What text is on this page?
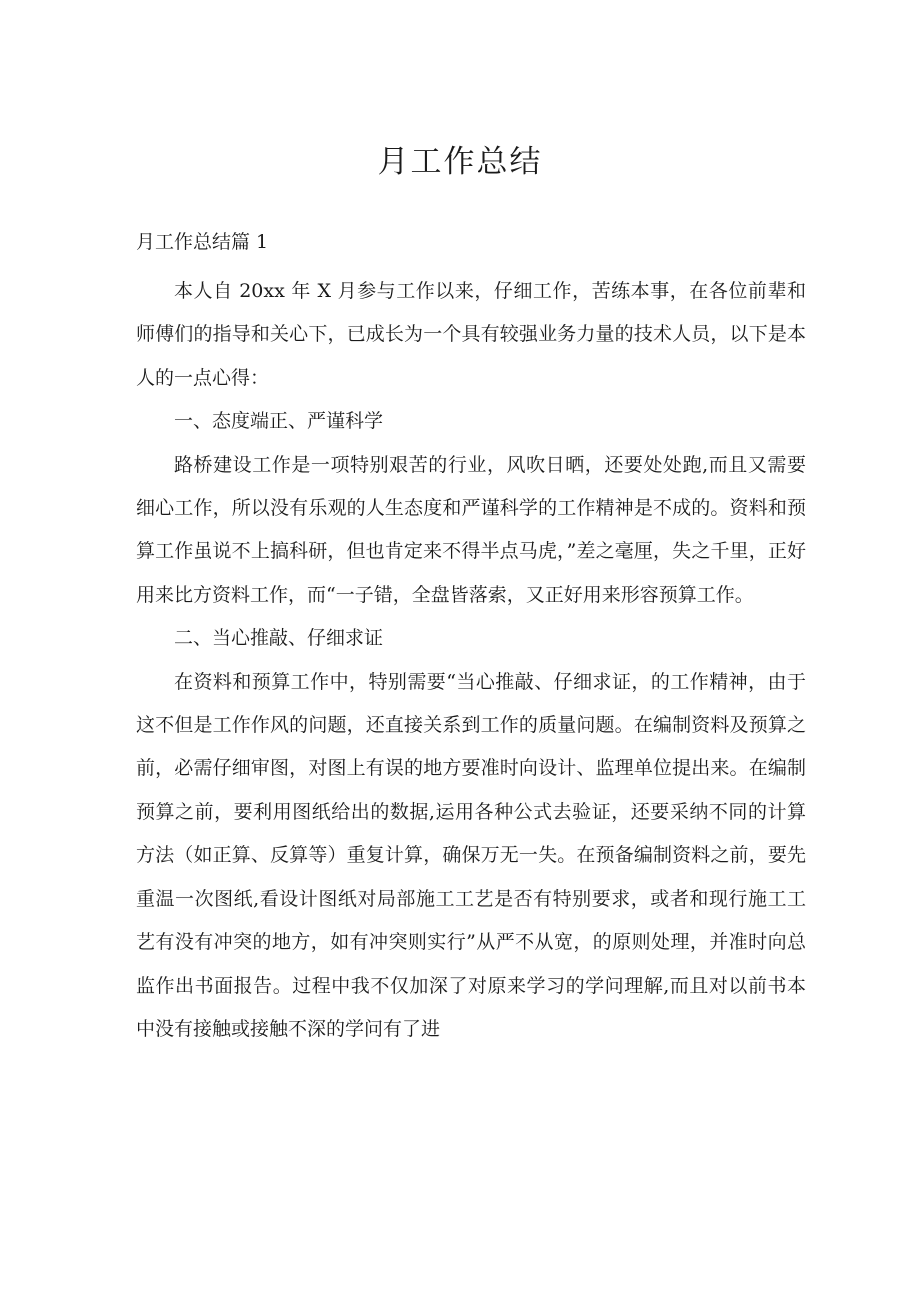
月工作总结
月工作总结篇 1

本人自 20xx 年 X 月参与工作以来，仔细工作，苦练本事，在各位前辈和师傅们的指导和关心下，已成长为一个具有较强业务力量的技术人员，以下是本人的一点心得：

一、态度端正、严谨科学

路桥建设工作是一项特别艰苦的行业，风吹日晒，还要处处跑,而且又需要细心工作，所以没有乐观的人生态度和严谨科学的工作精神是不成的。资料和预算工作虽说不上搞科研，但也肯定来不得半点马虎，”差之毫厘，失之千里，正好用来比方资料工作，而“一子错，全盘皆落索，又正好用来形容预算工作。

二、当心推敲、仔细求证

在资料和预算工作中，特别需要“当心推敲、仔细求证，的工作精神，由于这不但是工作作风的问题，还直接关系到工作的质量问题。在编制资料及预算之前，必需仔细审图，对图上有误的地方要准时向设计、监理单位提出来。在编制预算之前，要利用图纸给出的数据,运用各种公式去验证，还要采纳不同的计算方法（如正算、反算等）重复计算，确保万无一失。在预备编制资料之前，要先重温一次图纸,看设计图纸对局部施工工艺是否有特别要求，或者和现行施工工艺有没有冲突的地方，如有冲突则实行”从严不从宽，的原则处理，并准时向总监作出书面报告。过程中我不仅加深了对原来学习的学问理解,而且对以前书本中没有接触或接触不深的学问有了进
